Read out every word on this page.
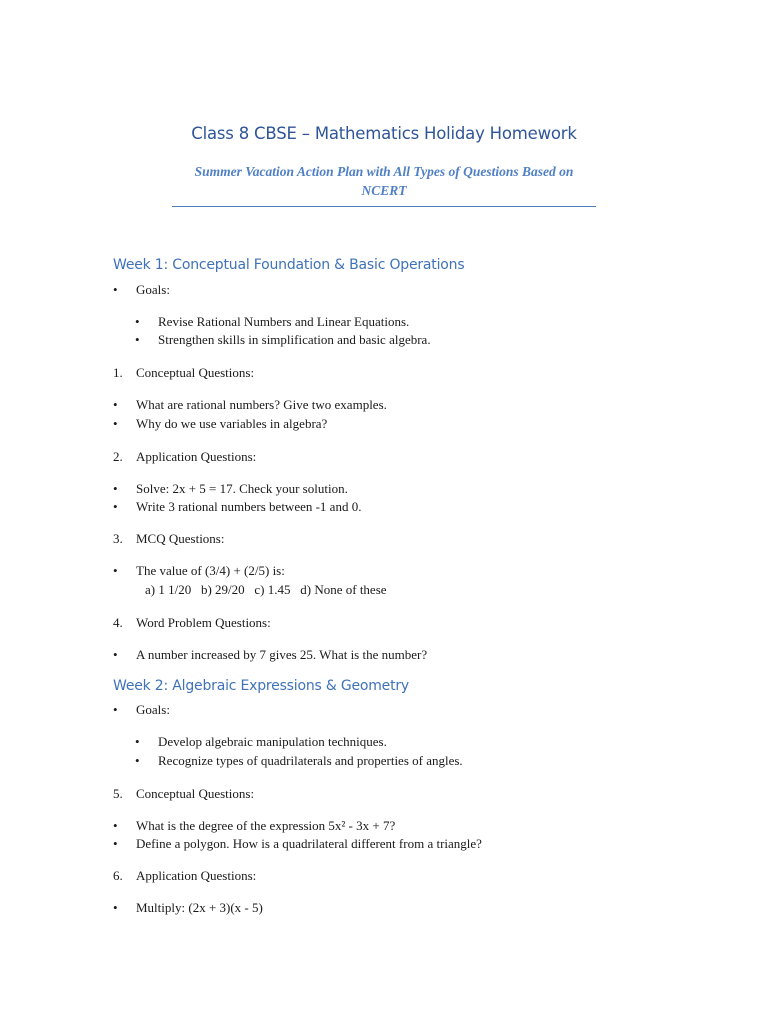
Class 8 CBSE – Mathematics Holiday Homework
Summer Vacation Action Plan with All Types of Questions Based on NCERT
Week 1: Conceptual Foundation & Basic Operations
• Goals:
• Revise Rational Numbers and Linear Equations.
• Strengthen skills in simplification and basic algebra.
1. Conceptual Questions:
• What are rational numbers? Give two examples.
• Why do we use variables in algebra?
2. Application Questions:
• Solve: 2x + 5 = 17. Check your solution.
• Write 3 rational numbers between -1 and 0.
3. MCQ Questions:
• The value of (3/4) + (2/5) is:
a) 1 1/20   b) 29/20   c) 1.45   d) None of these
4. Word Problem Questions:
• A number increased by 7 gives 25. What is the number?
Week 2: Algebraic Expressions & Geometry
• Goals:
• Develop algebraic manipulation techniques.
• Recognize types of quadrilaterals and properties of angles.
5. Conceptual Questions:
• What is the degree of the expression 5x² - 3x + 7?
• Define a polygon. How is a quadrilateral different from a triangle?
6. Application Questions:
• Multiply: (2x + 3)(x - 5)
